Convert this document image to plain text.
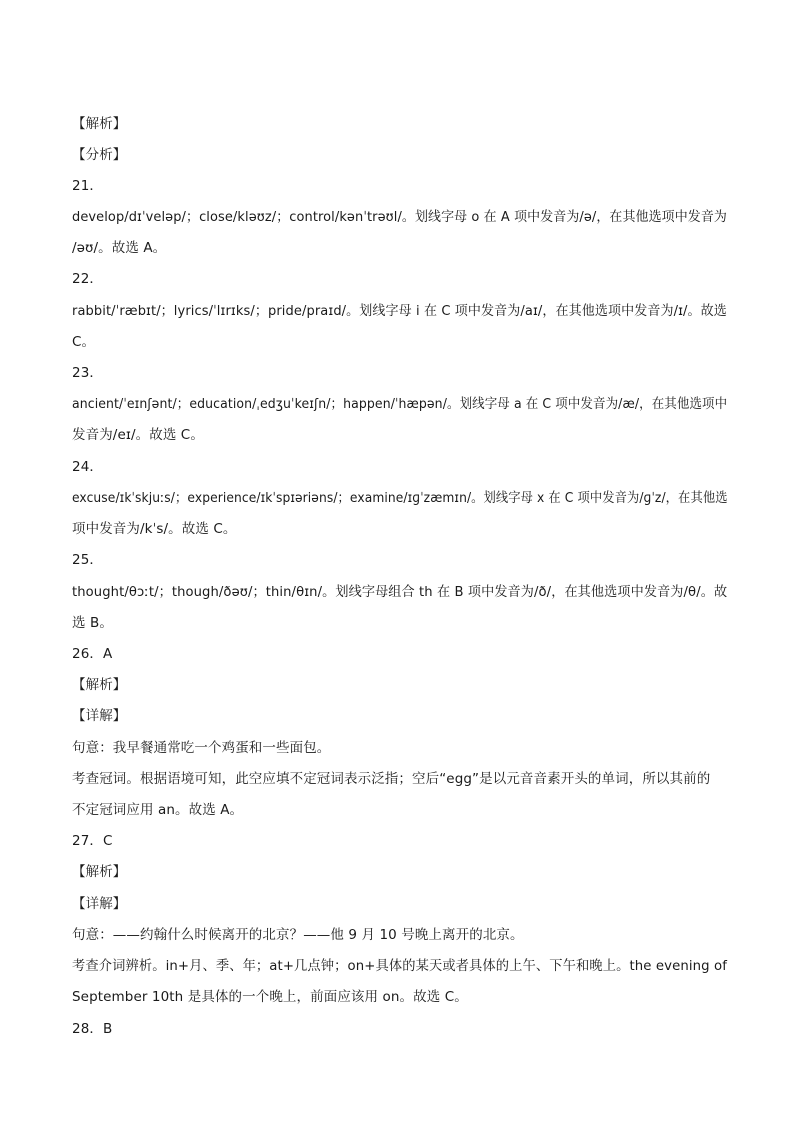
【解析】
【分析】
21．
develop/dɪˈveləp/；close/kləʊz/；control/kənˈtrəʊl/。划线字母 o 在 A 项中发音为/ə/，在其他选项中发音为
/əʊ/。故选 A。
22．
rabbit/ˈræbɪt/；lyrics/ˈlɪrɪks/；pride/praɪd/。划线字母 i 在 C 项中发音为/aɪ/，在其他选项中发音为/ɪ/。故选
C。
23．
ancient/ˈeɪnʃənt/；education/ˌedʒuˈkeɪʃn/；happen/ˈhæpən/。划线字母 a 在 C 项中发音为/æ/，在其他选项中
发音为/eɪ/。故选 C。
24．
excuse/ɪkˈskjuːs/；experience/ɪkˈspɪəriəns/；examine/ɪɡˈzæmɪn/。划线字母 x 在 C 项中发音为/ɡˈz/，在其他选
项中发音为/kˈs/。故选 C。
25．
thought/θɔːt/；though/ðəʊ/；thin/θɪn/。划线字母组合 th 在 B 项中发音为/ð/，在其他选项中发音为/θ/。故
选 B。
26．A
【解析】
【详解】
句意：我早餐通常吃一个鸡蛋和一些面包。
考查冠词。根据语境可知，此空应填不定冠词表示泛指；空后“egg”是以元音音素开头的单词，所以其前的
不定冠词应用 an。故选 A。
27．C
【解析】
【详解】
句意：——约翰什么时候离开的北京？——他 9 月 10 号晚上离开的北京。
考查介词辨析。in+月、季、年；at+几点钟；on+具体的某天或者具体的上午、下午和晚上。the evening of
September 10th 是具体的一个晚上，前面应该用 on。故选 C。
28．B
